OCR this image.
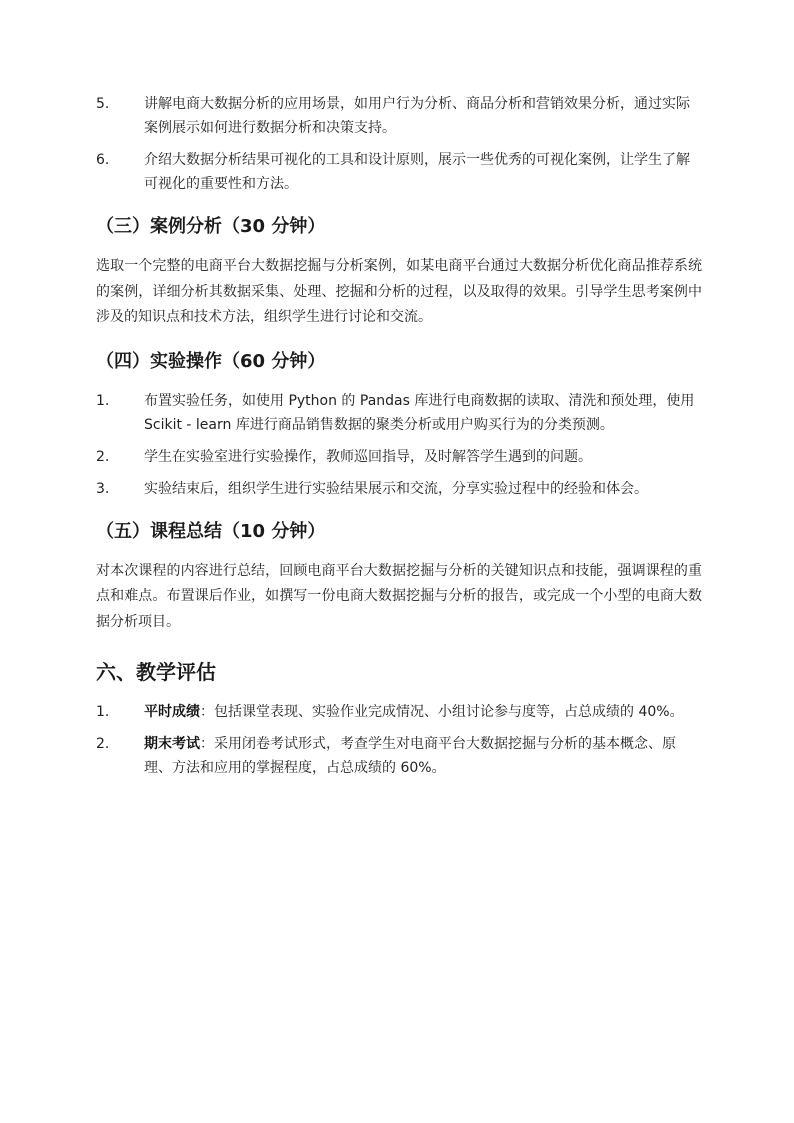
5. 讲解电商大数据分析的应用场景，如用户行为分析、商品分析和营销效果分析，通过实际案例展示如何进行数据分析和决策支持。
6. 介绍大数据分析结果可视化的工具和设计原则，展示一些优秀的可视化案例，让学生了解可视化的重要性和方法。
（三）案例分析（30 分钟）

选取一个完整的电商平台大数据挖掘与分析案例，如某电商平台通过大数据分析优化商品推荐系统的案例，详细分析其数据采集、处理、挖掘和分析的过程，以及取得的效果。引导学生思考案例中涉及的知识点和技术方法，组织学生进行讨论和交流。

（四）实验操作（60 分钟）
1. 布置实验任务，如使用 Python 的 Pandas 库进行电商数据的读取、清洗和预处理，使用 Scikit - learn 库进行商品销售数据的聚类分析或用户购买行为的分类预测。
2. 学生在实验室进行实验操作，教师巡回指导，及时解答学生遇到的问题。
3. 实验结束后，组织学生进行实验结果展示和交流，分享实验过程中的经验和体会。
（五）课程总结（10 分钟）

对本次课程的内容进行总结，回顾电商平台大数据挖掘与分析的关键知识点和技能，强调课程的重点和难点。布置课后作业，如撰写一份电商大数据挖掘与分析的报告，或完成一个小型的电商大数据分析项目。

六、教学评估
1. 平时成绩：包括课堂表现、实验作业完成情况、小组讨论参与度等，占总成绩的 40%。
2. 期末考试：采用闭卷考试形式，考查学生对电商平台大数据挖掘与分析的基本概念、原理、方法和应用的掌握程度，占总成绩的 60%。
